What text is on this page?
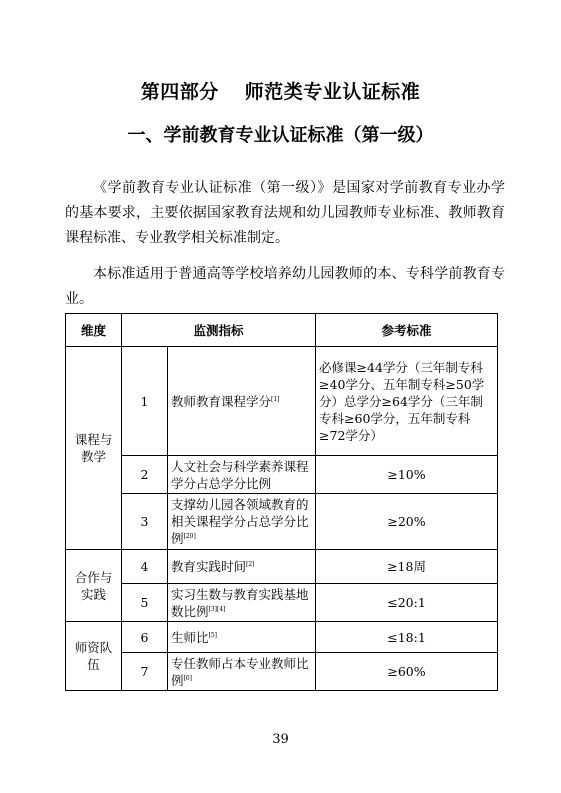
第四部分 师范类专业认证标准
一、学前教育专业认证标准（第一级）

《学前教育专业认证标准（第一级）》是国家对学前教育专业办学的基本要求，主要依据国家教育法规和幼儿园教师专业标准、教师教育课程标准、专业教学相关标准制定。

本标准适用于普通高等学校培养幼儿园教师的本、专科学前教育专业。

维度	监测指标		参考标准
课程与教学	1	教师教育课程学分[1]	必修课≥44学分（三年制专科≥40学分、五年制专科≥50学分）总学分≥64学分（三年制专科≥60学分，五年制专科≥72学分）
	2	人文社会与科学素养课程学分占总学分比例	≥10%
	3	支撑幼儿园各领域教育的相关课程学分占总学分比例[20]	≥20%
合作与实践	4	教育实践时间[2]	≥18周
	5	实习生数与教育实践基地数比例[3][4]	≤20:1
师资队伍	6	生师比[5]	≤18:1
	7	专任教师占本专业教师比例[6]	≥60%
39
